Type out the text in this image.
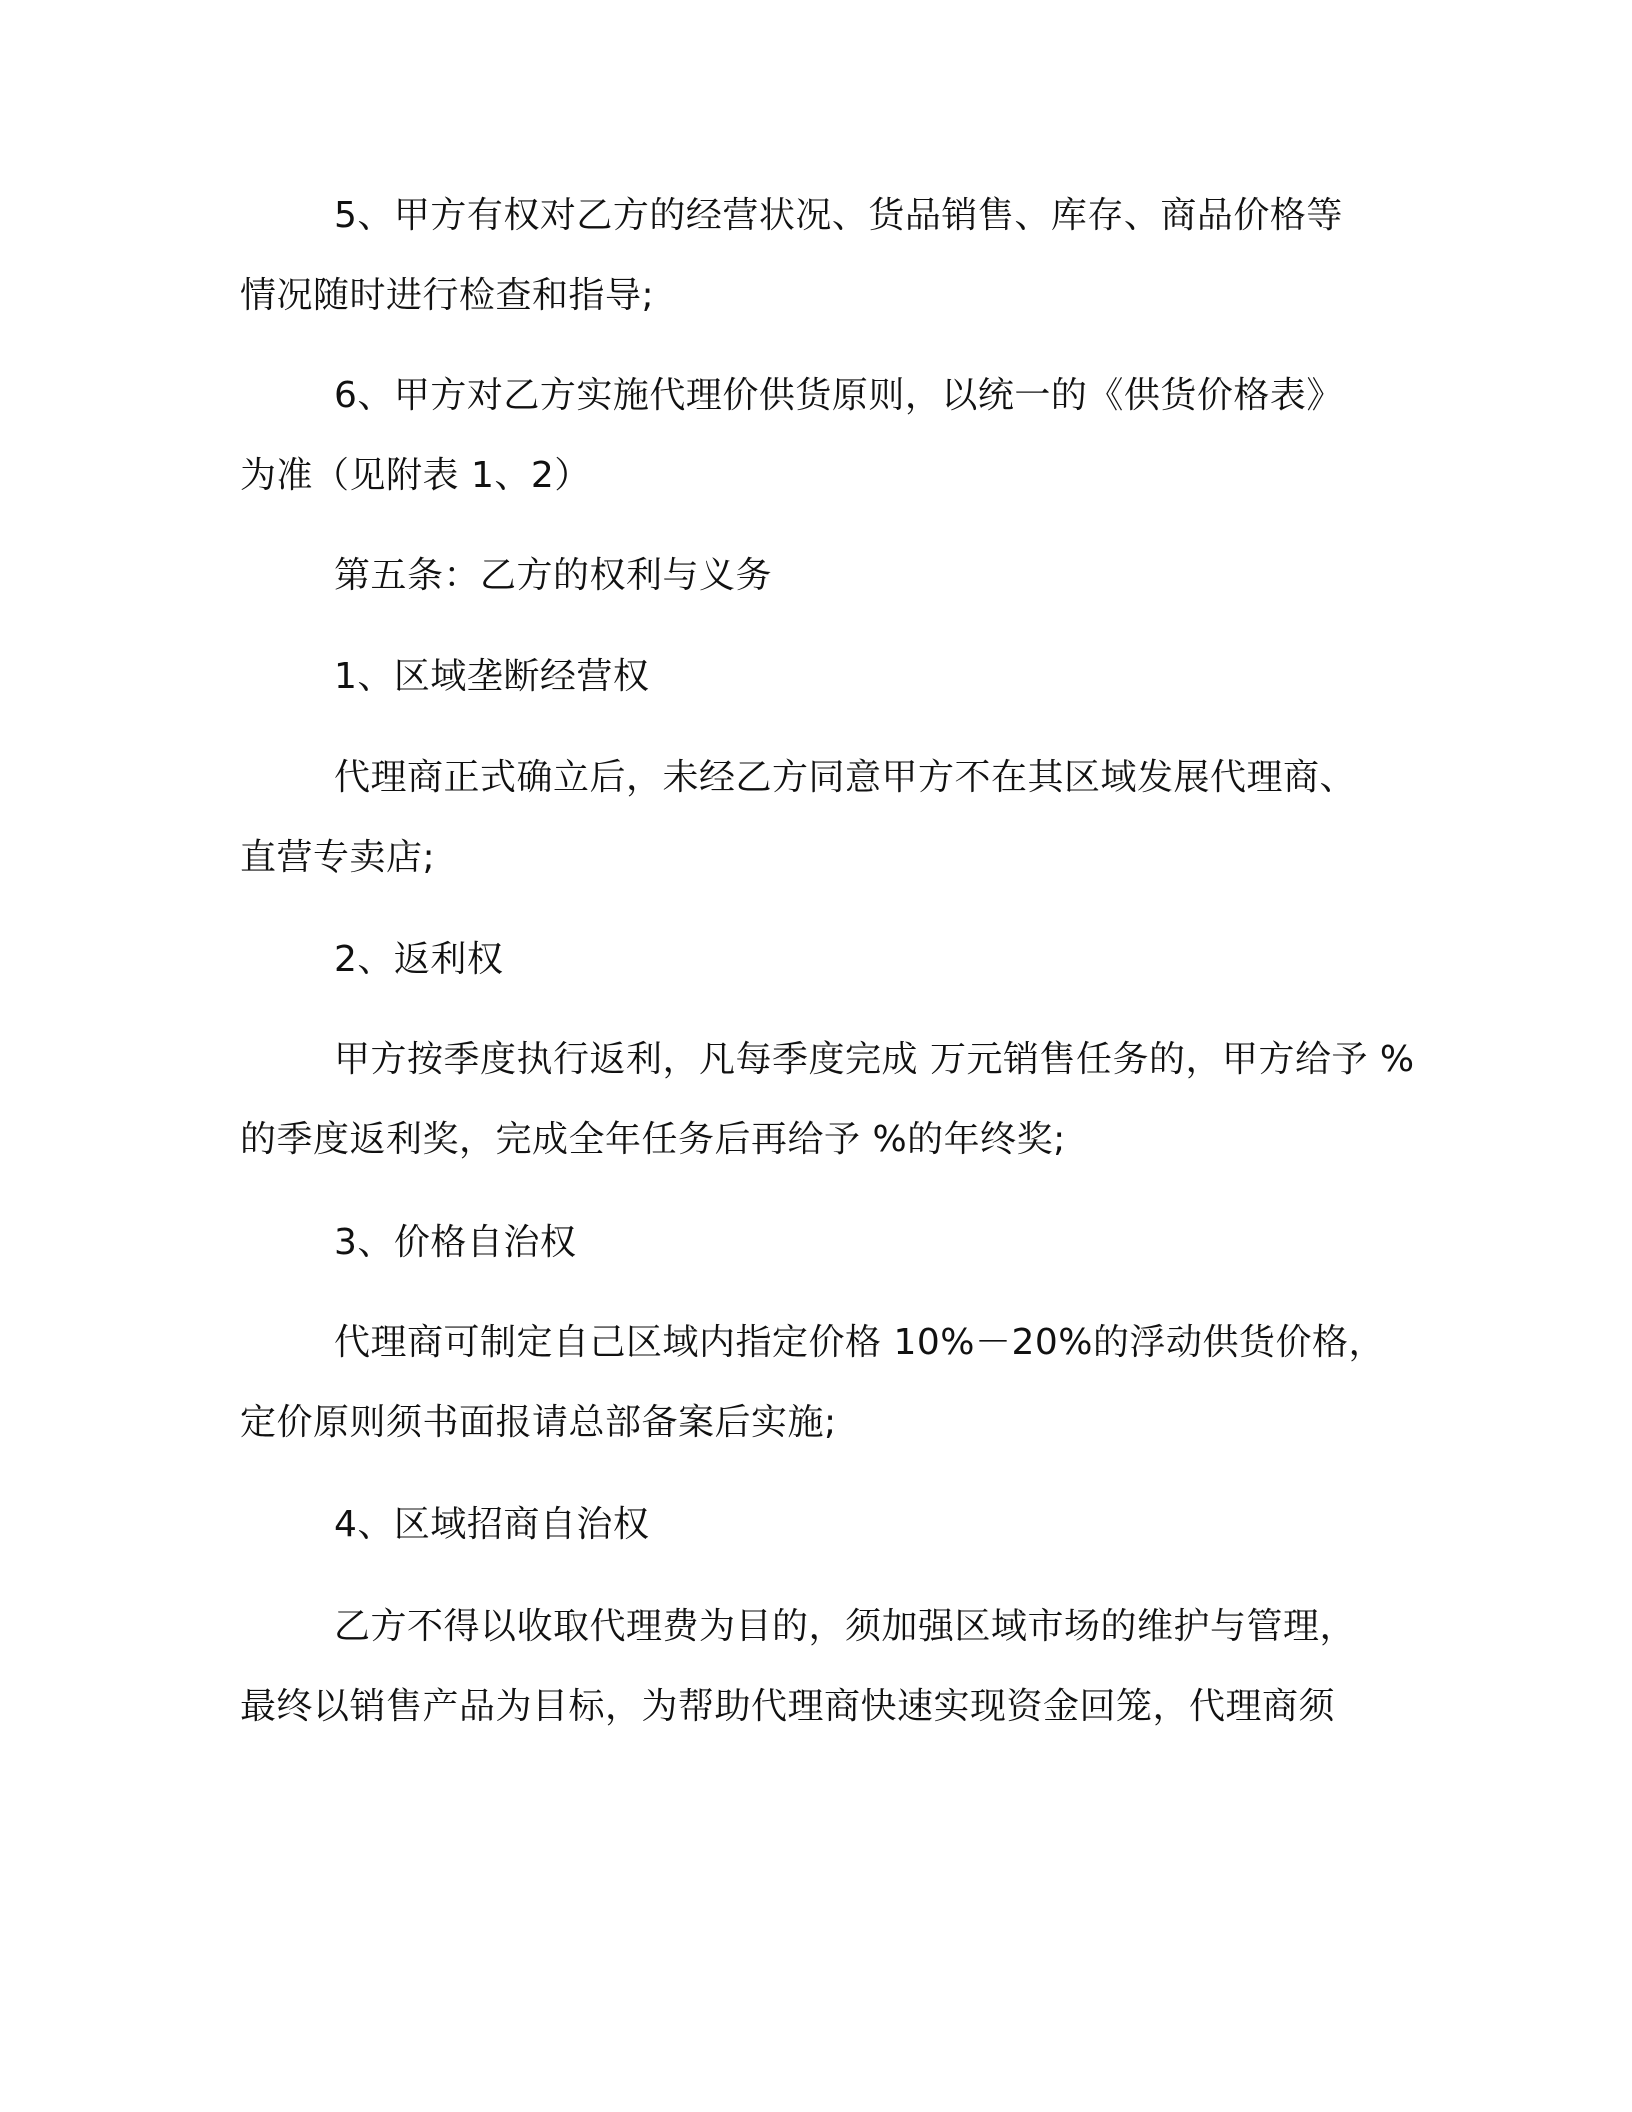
5、甲方有权对乙方的经营状况、货品销售、库存、商品价格等
情况随时进行检查和指导;

6、甲方对乙方实施代理价供货原则，以统一的《供货价格表》
为准（见附表 1、2）

第五条：乙方的权利与义务

1、区域垄断经营权

代理商正式确立后，未经乙方同意甲方不在其区域发展代理商、
直营专卖店;

2、返利权

甲方按季度执行返利，凡每季度完成 万元销售任务的，甲方给予 %
的季度返利奖，完成全年任务后再给予 %的年终奖;

3、价格自治权

代理商可制定自己区域内指定价格 10%－20%的浮动供货价格，
定价原则须书面报请总部备案后实施;

4、区域招商自治权

乙方不得以收取代理费为目的，须加强区域市场的维护与管理，
最终以销售产品为目标，为帮助代理商快速实现资金回笼，代理商须
